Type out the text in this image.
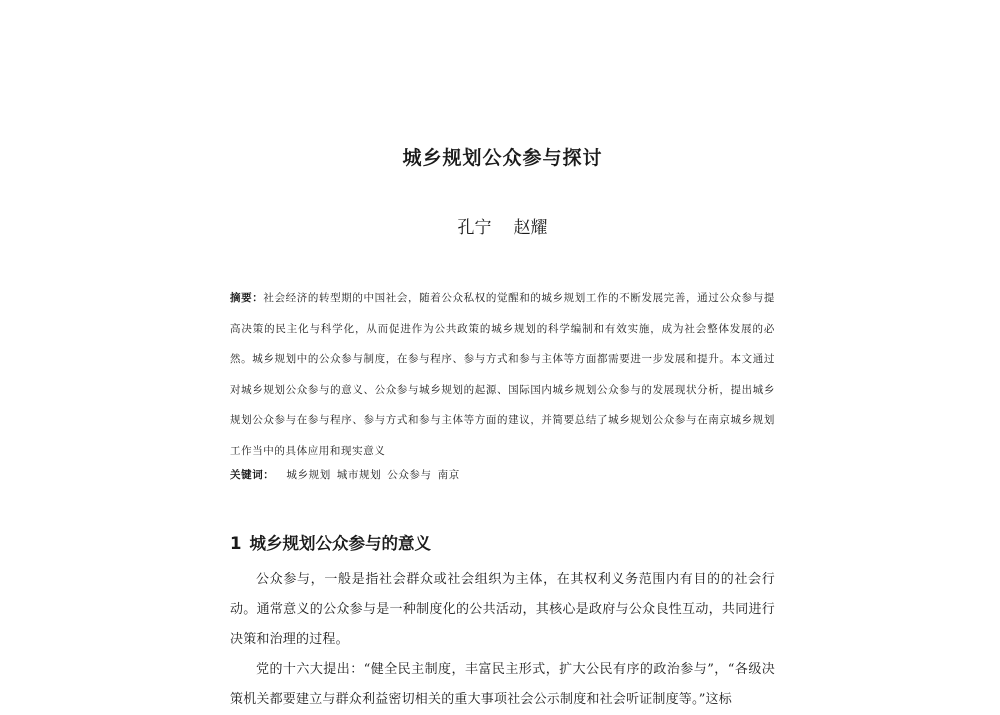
城乡规划公众参与探讨
孔宁 赵耀
摘要：社会经济的转型期的中国社会，随着公众私权的觉醒和的城乡规划工作的不断发展完善，通过公众参与提高决策的民主化与科学化，从而促进作为公共政策的城乡规划的科学编制和有效实施，成为社会整体发展的必然。城乡规划中的公众参与制度，在参与程序、参与方式和参与主体等方面都需要进一步发展和提升。本文通过对城乡规划公众参与的意义、公众参与城乡规划的起源、国际国内城乡规划公众参与的发展现状分析，提出城乡规划公众参与在参与程序、参与方式和参与主体等方面的建议，并简要总结了城乡规划公众参与在南京城乡规划工作当中的具体应用和现实意义
关键词： 城乡规划 城市规划 公众参与 南京
1 城乡规划公众参与的意义

公众参与，一般是指社会群众或社会组织为主体，在其权利义务范围内有目的的社会行动。通常意义的公众参与是一种制度化的公共活动，其核心是政府与公众良性互动，共同进行决策和治理的过程。

党的十六大提出：“健全民主制度，丰富民主形式，扩大公民有序的政治参与”，“各级决策机关都要建立与群众利益密切相关的重大事项社会公示制度和社会听证制度等。”这标
